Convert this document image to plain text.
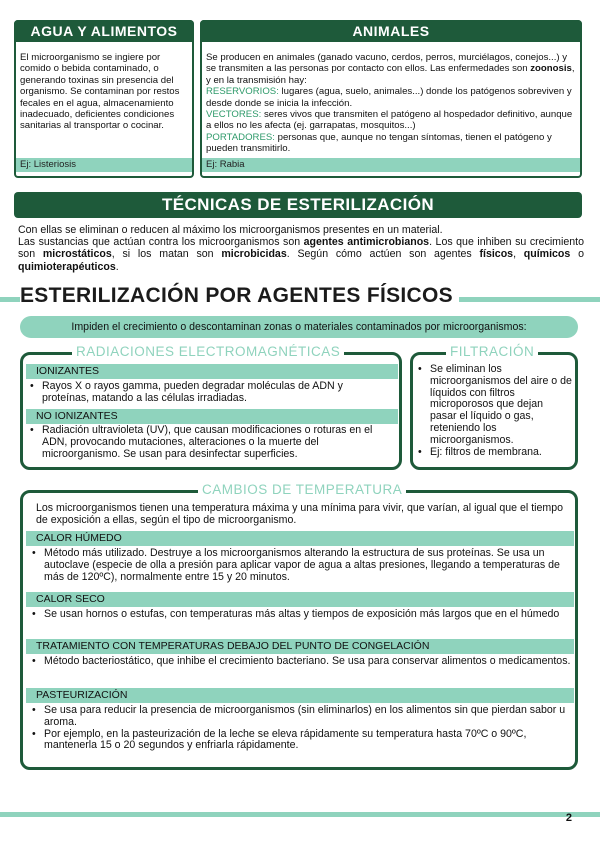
AGUA Y ALIMENTOS
El microorganismo se ingiere por comido o bebida contaminado, o generando toxinas sin presencia del organismo. Se contaminan por restos fecales en el agua, almacenamiento inadecuado, deficientes condiciones sanitarias al transportar o cocinar.
Ej: Listeriosis
ANIMALES
Se producen en animales (ganado vacuno, cerdos, perros, murciélagos, conejos...) y se transmiten a las personas por contacto con ellos. Las enfermedades son zoonosis, y en la transmisión hay:
RESERVORIOS: lugares (agua, suelo, animales...) donde los patógenos sobreviven y desde donde se inicia la infección.
VECTORES: seres vivos que transmiten el patógeno al hospedador definitivo, aunque a ellos no les afecta (ej. garrapatas, mosquitos...)
PORTADORES: personas que, aunque no tengan síntomas, tienen el patógeno y pueden transmitirlo.
Ej: Rabia
TÉCNICAS DE ESTERILIZACIÓN
Con ellas se eliminan o reducen al máximo los microorganismos presentes en un material.
Las sustancias que actúan contra los microorganismos son agentes antimicrobianos. Los que inhiben su crecimiento son microstáticos, si los matan son microbicidas. Según cómo actúen son agentes físicos, químicos o quimioterapéuticos.
ESTERILIZACIÓN POR AGENTES FÍSICOS
Impiden el crecimiento o descontaminan zonas o materiales contaminados por microorganismos:
RADIACIONES ELECTROMAGNÉTICAS
IONIZANTES
• Rayos X o rayos gamma, pueden degradar moléculas de ADN y proteínas, matando a las células irradiadas.
NO IONIZANTES
• Radiación ultravioleta (UV), que causan modificaciones o roturas en el ADN, provocando mutaciones, alteraciones o la muerte del microorganismo. Se usan para desinfectar superficies.
FILTRACIÓN
• Se eliminan los microorganismos del aire o de líquidos con filtros microporosos que dejan pasar el líquido o gas, reteniendo los microorganismos.
• Ej: filtros de membrana.
CAMBIOS DE TEMPERATURA
Los microorganismos tienen una temperatura máxima y una mínima para vivir, que varían, al igual que el tiempo de exposición a ellas, según el tipo de microorganismo.
CALOR HÚMEDO
• Método más utilizado. Destruye a los microorganismos alterando la estructura de sus proteínas. Se usa un autoclave (especie de olla a presión para aplicar vapor de agua a altas presiones, llegando a temperaturas de más de 120ºC), normalmente entre 15 y 20 minutos.
CALOR SECO
• Se usan hornos o estufas, con temperaturas más altas y tiempos de exposición más largos que en el húmedo
TRATAMIENTO CON TEMPERATURAS DEBAJO DEL PUNTO DE CONGELACIÓN
• Método bacteriostático, que inhibe el crecimiento bacteriano. Se usa para conservar alimentos o medicamentos.
PASTEURIZACIÓN
• Se usa para reducir la presencia de microorganismos (sin eliminarlos) en los alimentos sin que pierdan sabor u aroma.
• Por ejemplo, en la pasteurización de la leche se eleva rápidamente su temperatura hasta 70ºC o 90ºC, mantenerla 15 o 20 segundos y enfriarla rápidamente.
2
